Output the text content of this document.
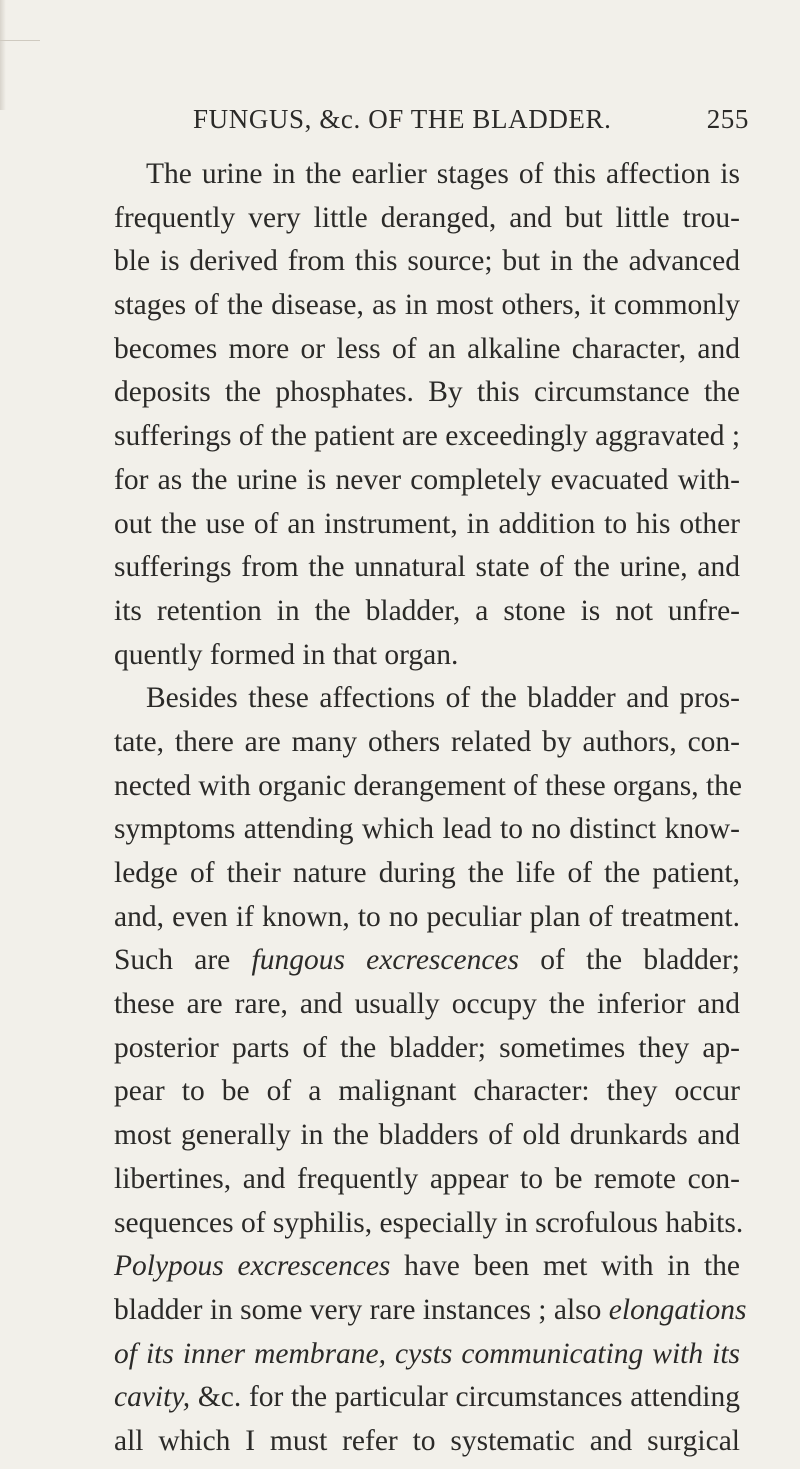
FUNGUS, &c. OF THE BLADDER.	255
The urine in the earlier stages of this affection is
frequently very little deranged, and but little trou-
ble is derived from this source; but in the advanced
stages of the disease, as in most others, it commonly
becomes more or less of an alkaline character, and
deposits the phosphates. By this circumstance the
sufferings of the patient are exceedingly aggravated ;
for as the urine is never completely evacuated with-
out the use of an instrument, in addition to his other
sufferings from the unnatural state of the urine, and
its retention in the bladder, a stone is not unfre-
quently formed in that organ.
Besides these affections of the bladder and pros-
tate, there are many others related by authors, con-
nected with organic derangement of these organs, the
symptoms attending which lead to no distinct know-
ledge of their nature during the life of the patient,
and, even if known, to no peculiar plan of treatment.
Such are fungous excrescences of the bladder;
these are rare, and usually occupy the inferior and
posterior parts of the bladder; sometimes they ap-
pear to be of a malignant character: they occur
most generally in the bladders of old drunkards and
libertines, and frequently appear to be remote con-
sequences of syphilis, especially in scrofulous habits.
Polypous excrescences have been met with in the
bladder in some very rare instances ; also elongations
of its inner membrane, cysts communicating with its
cavity, &c. for the particular circumstances attending
all which I must refer to systematic and surgical
